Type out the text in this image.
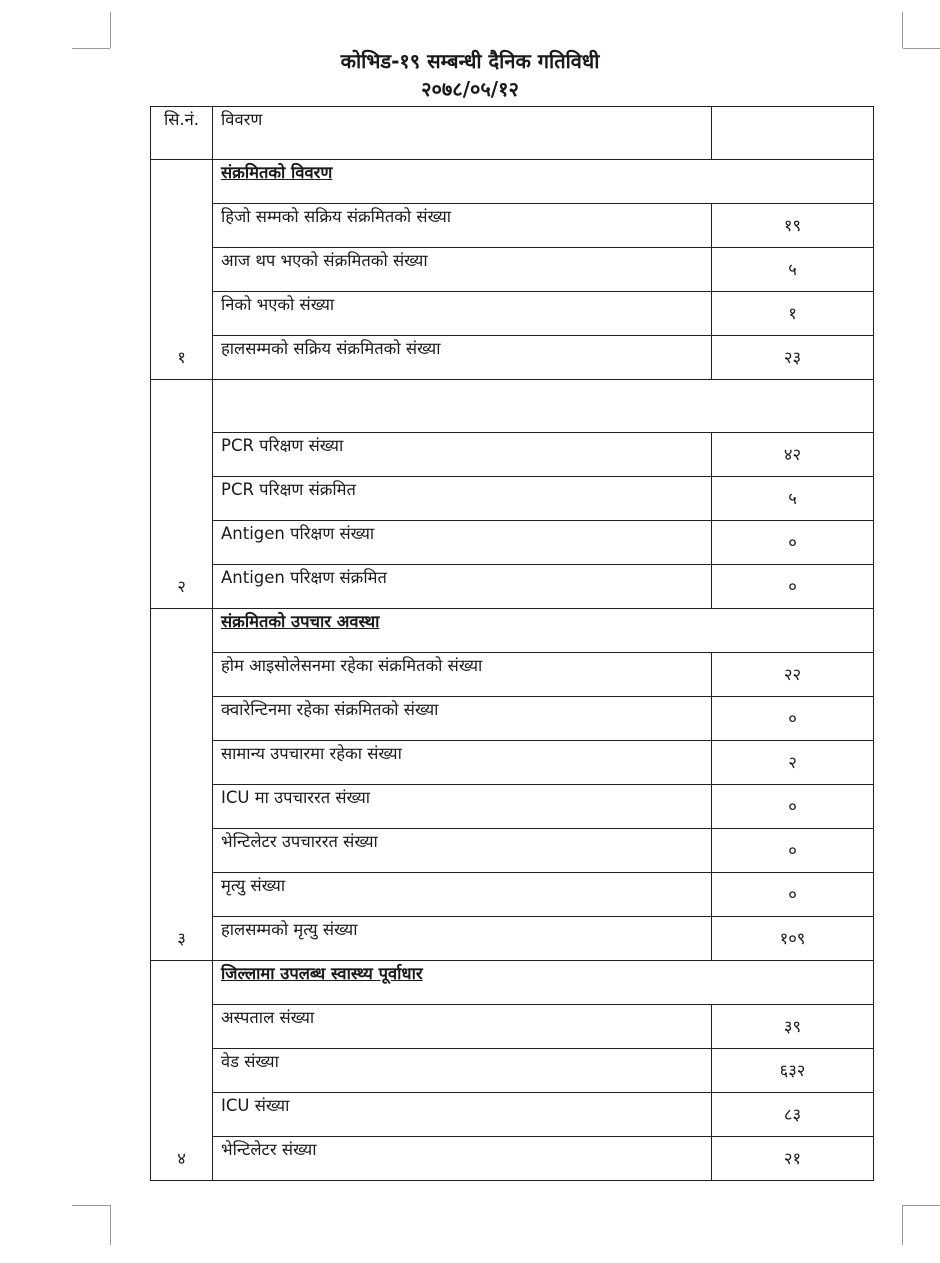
कोभिड-१९ सम्बन्धी दैनिक गतिविधी
२०७८/०५/१२
सि.नं.	विवरण	
१	संक्रमितको विवरण	
	हिजो सम्मको सक्रिय संक्रमितको संख्या	१९
	आज थप भएको संक्रमितको संख्या	५
	निको भएको संख्या	१
	हालसम्मको सक्रिय संक्रमितको संख्या	२३
२		
	PCR परिक्षण संख्या	४२
	PCR परिक्षण संक्रमित	५
	Antigen परिक्षण संख्या	०
	Antigen परिक्षण संक्रमित	०
३	संक्रमितको उपचार अवस्था	
	होम आइसोलेसनमा रहेका संक्रमितको संख्या	२२
	क्वारेन्टिनमा रहेका संक्रमितको संख्या	०
	सामान्य उपचारमा रहेका संख्या	२
	ICU मा उपचाररत संख्या	०
	भेन्टिलेटर उपचाररत संख्या	०
	मृत्यु संख्या	०
	हालसम्मको मृत्यु संख्या	१०९
४	जिल्लामा उपलब्ध स्वास्थ्य पूर्वाधार	
	अस्पताल संख्या	३९
	वेड संख्या	६३२
	ICU संख्या	८३
	भेन्टिलेटर संख्या	२१
